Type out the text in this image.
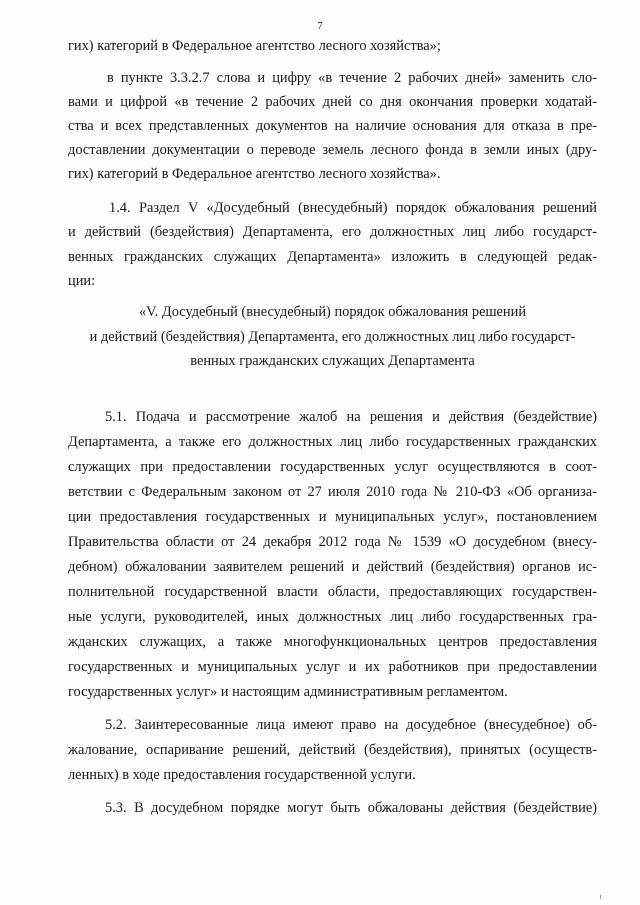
7
гих) категорий в Федеральное агентство лесного хозяйства»;
в пункте 3.3.2.7 слова и цифру «в течение 2 рабочих дней» заменить сло-
вами и цифрой «в течение 2 рабочих дней со дня окончания проверки ходатай-
ства и всех представленных документов на наличие основания для отказа в пре-
доставлении документации о переводе земель лесного фонда в земли иных (дру-
гих) категорий в Федеральное агентство лесного хозяйства».
1.4. Раздел V «Досудебный (внесудебный) порядок обжалования решений
и действий (бездействия) Департамента, его должностных лиц либо государст-
венных гражданских служащих Департамента» изложить в следующей редак-
ции:
«V. Досудебный (внесудебный) порядок обжалования решений
и действий (бездействия) Департамента, его должностных лиц либо государст-
венных гражданских служащих Департамента
5.1. Подача и рассмотрение жалоб на решения и действия (бездействие)
Департамента, а также его должностных лиц либо государственных гражданских
служащих при предоставлении государственных услуг осуществляются в соот-
ветствии с Федеральным законом от 27 июля 2010 года № 210-ФЗ «Об организа-
ции предоставления государственных и муниципальных услуг», постановлением
Правительства области от 24 декабря 2012 года № 1539 «О досудебном (внесу-
дебном) обжаловании заявителем решений и действий (бездействия) органов ис-
полнительной государственной власти области, предоставляющих государствен-
ные услуги, руководителей, иных должностных лиц либо государственных гра-
жданских служащих, а также многофункциональных центров предоставления
государственных и муниципальных услуг и их работников при предоставлении
государственных услуг» и настоящим административным регламентом.
5.2. Заинтересованные лица имеют право на досудебное (внесудебное) об-
жалование, оспаривание решений, действий (бездействия), принятых (осуществ-
ленных) в ходе предоставления государственной услуги.
5.3. В досудебном порядке могут быть обжалованы действия (бездействие)
